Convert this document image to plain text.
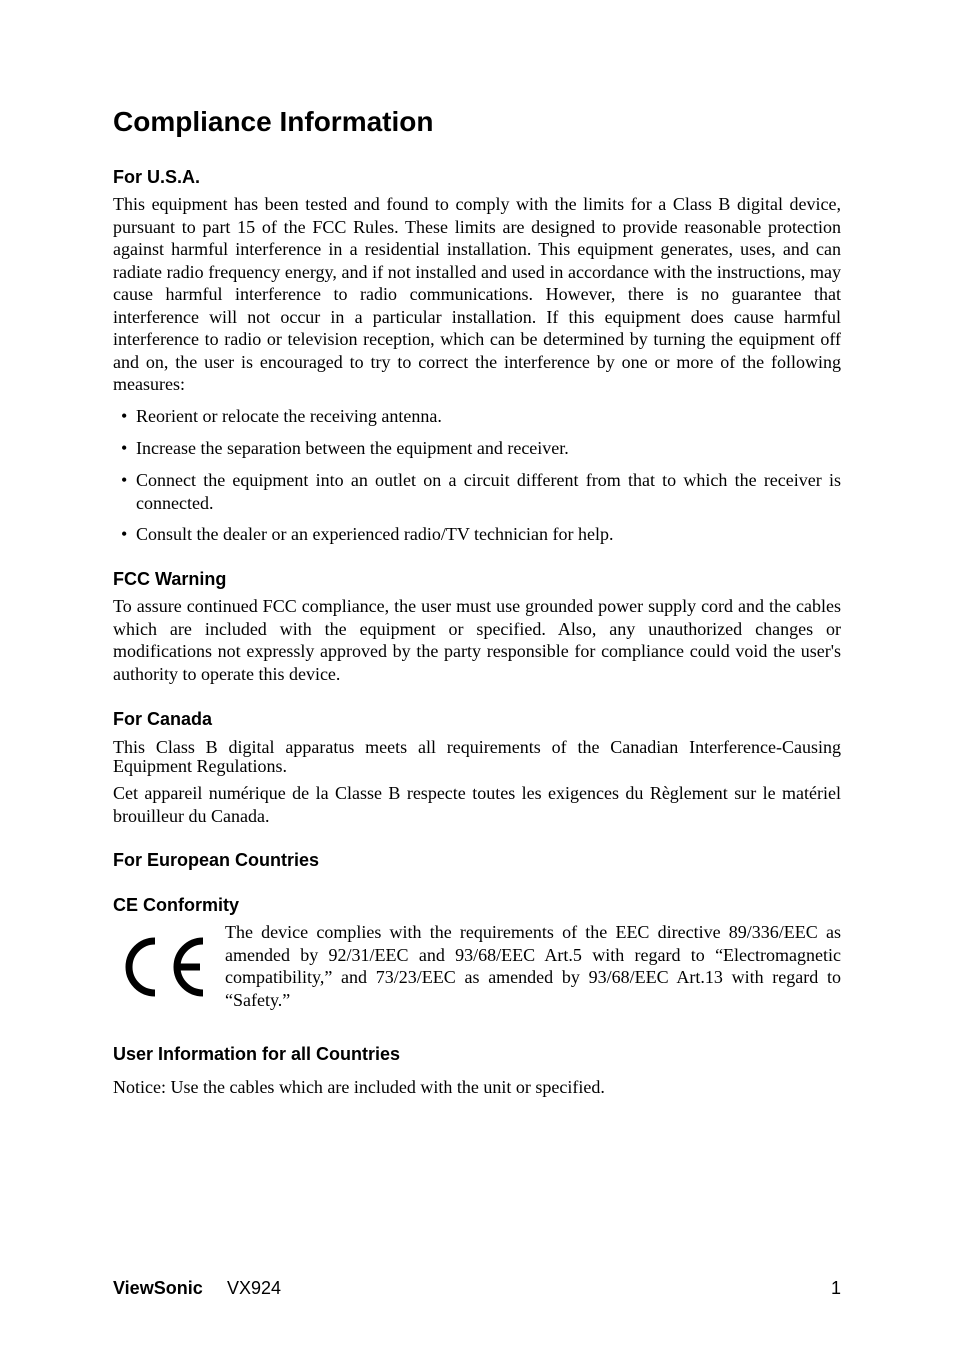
Compliance Information
For U.S.A.

This equipment has been tested and found to comply with the limits for a Class B digital device, pursuant to part 15 of the FCC Rules. These limits are designed to provide reasonable protection against harmful interference in a residential installation. This equipment generates, uses, and can radiate radio frequency energy, and if not installed and used in accordance with the instructions, may cause harmful interference to radio communications. However, there is no guarantee that interference will not occur in a particular installation. If this equipment does cause harmful interference to radio or television reception, which can be determined by turning the equipment off and on, the user is encouraged to try to correct the interference by one or more of the following measures:

• Reorient or relocate the receiving antenna.
• Increase the separation between the equipment and receiver.
• Connect the equipment into an outlet on a circuit different from that to which the receiver is connected.
• Consult the dealer or an experienced radio/TV technician for help.
FCC Warning

To assure continued FCC compliance, the user must use grounded power supply cord and the cables which are included with the equipment or specified. Also, any unauthorized changes or modifications not expressly approved by the party responsible for compliance could void the user's authority to operate this device.

For Canada

This Class B digital apparatus meets all requirements of the Canadian Interference-Causing Equipment Regulations.

Cet appareil numérique de la Classe B respecte toutes les exigences du Règlement sur le matériel brouilleur du Canada.

For European Countries
CE Conformity

The device complies with the requirements of the EEC directive 89/336/EEC as amended by 92/31/EEC and 93/68/EEC Art.5 with regard to “Electromagnetic compatibility,” and 73/23/EEC as amended by 93/68/EEC Art.13 with regard to “Safety.”

User Information for all Countries

Notice: Use the cables which are included with the unit or specified.

ViewSonic VX924	1
